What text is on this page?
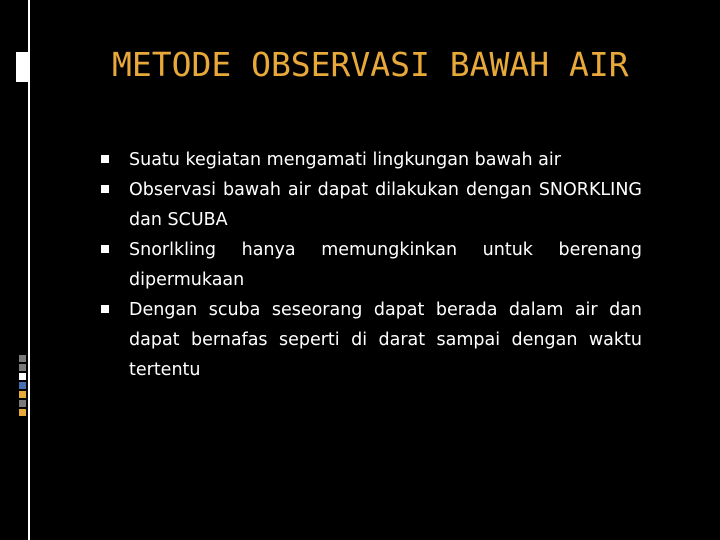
METODE OBSERVASI BAWAH AIR
Suatu kegiatan mengamati lingkungan bawah air
Observasi bawah air dapat dilakukan dengan SNORKLING dan SCUBA
Snorlkling hanya memungkinkan untuk berenang dipermukaan
Dengan scuba seseorang dapat berada dalam air dan dapat bernafas seperti di darat sampai dengan waktu tertentu
